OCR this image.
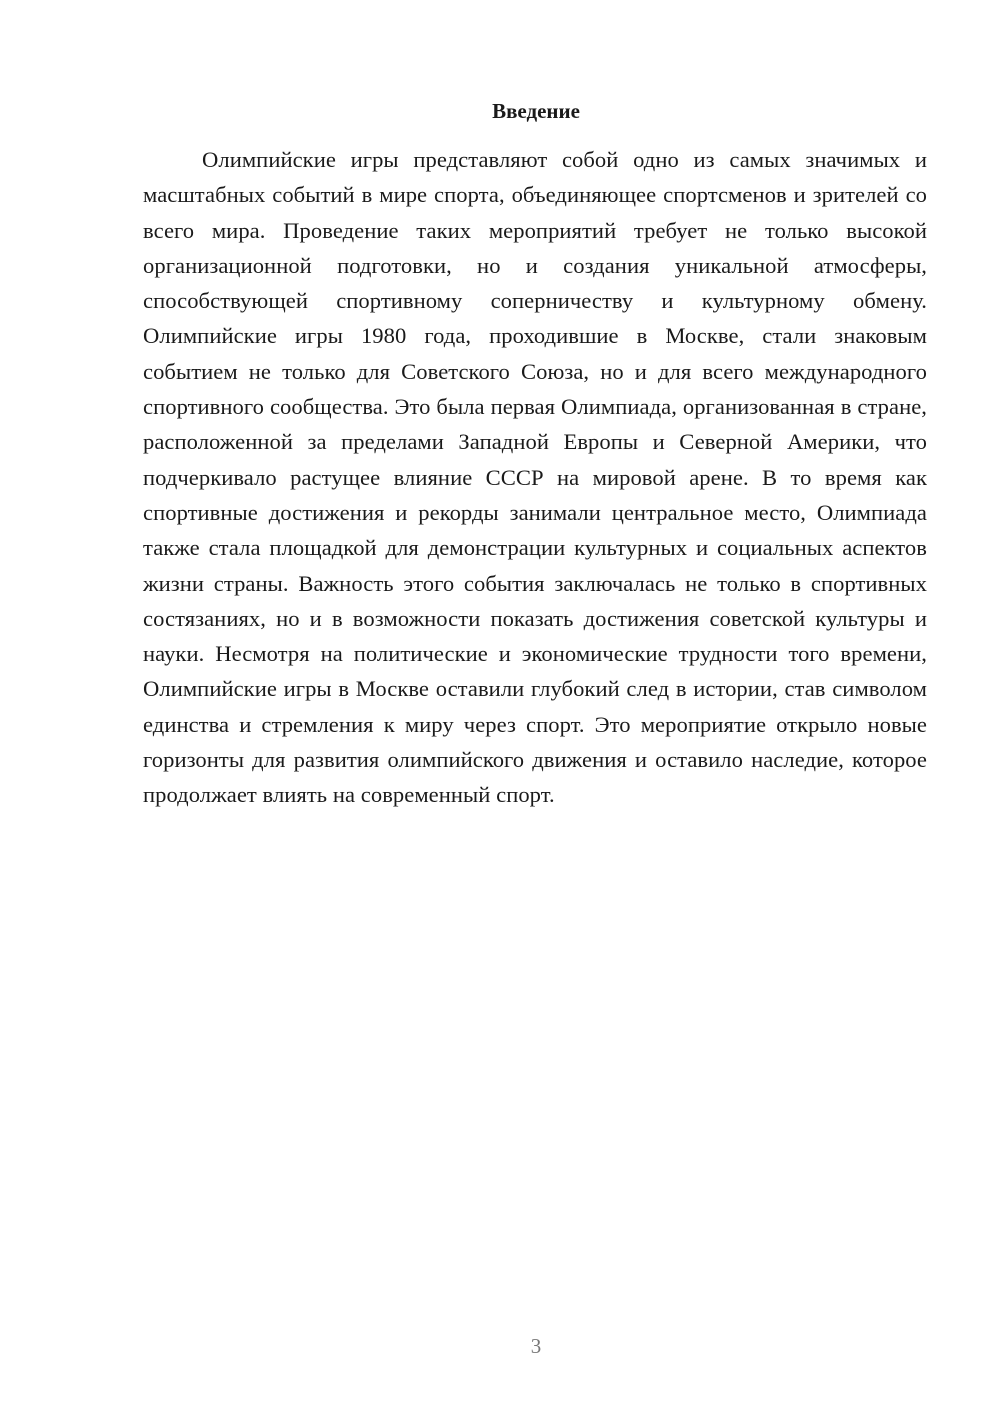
Введение

Олимпийские игры представляют собой одно из самых значимых и масштабных событий в мире спорта, объединяющее спортсменов и зрителей со всего мира. Проведение таких мероприятий требует не только высокой организационной подготовки, но и создания уникальной атмосферы, способствующей спортивному соперничеству и культурному обмену. Олимпийские игры 1980 года, проходившие в Москве, стали знаковым событием не только для Советского Союза, но и для всего международного спортивного сообщества. Это была первая Олимпиада, организованная в стране, расположенной за пределами Западной Европы и Северной Америки, что подчеркивало растущее влияние СССР на мировой арене. В то время как спортивные достижения и рекорды занимали центральное место, Олимпиада также стала площадкой для демонстрации культурных и социальных аспектов жизни страны. Важность этого события заключалась не только в спортивных состязаниях, но и в возможности показать достижения советской культуры и науки. Несмотря на политические и экономические трудности того времени, Олимпийские игры в Москве оставили глубокий след в истории, став символом единства и стремления к миру через спорт. Это мероприятие открыло новые горизонты для развития олимпийского движения и оставило наследие, которое продолжает влиять на современный спорт.

3
